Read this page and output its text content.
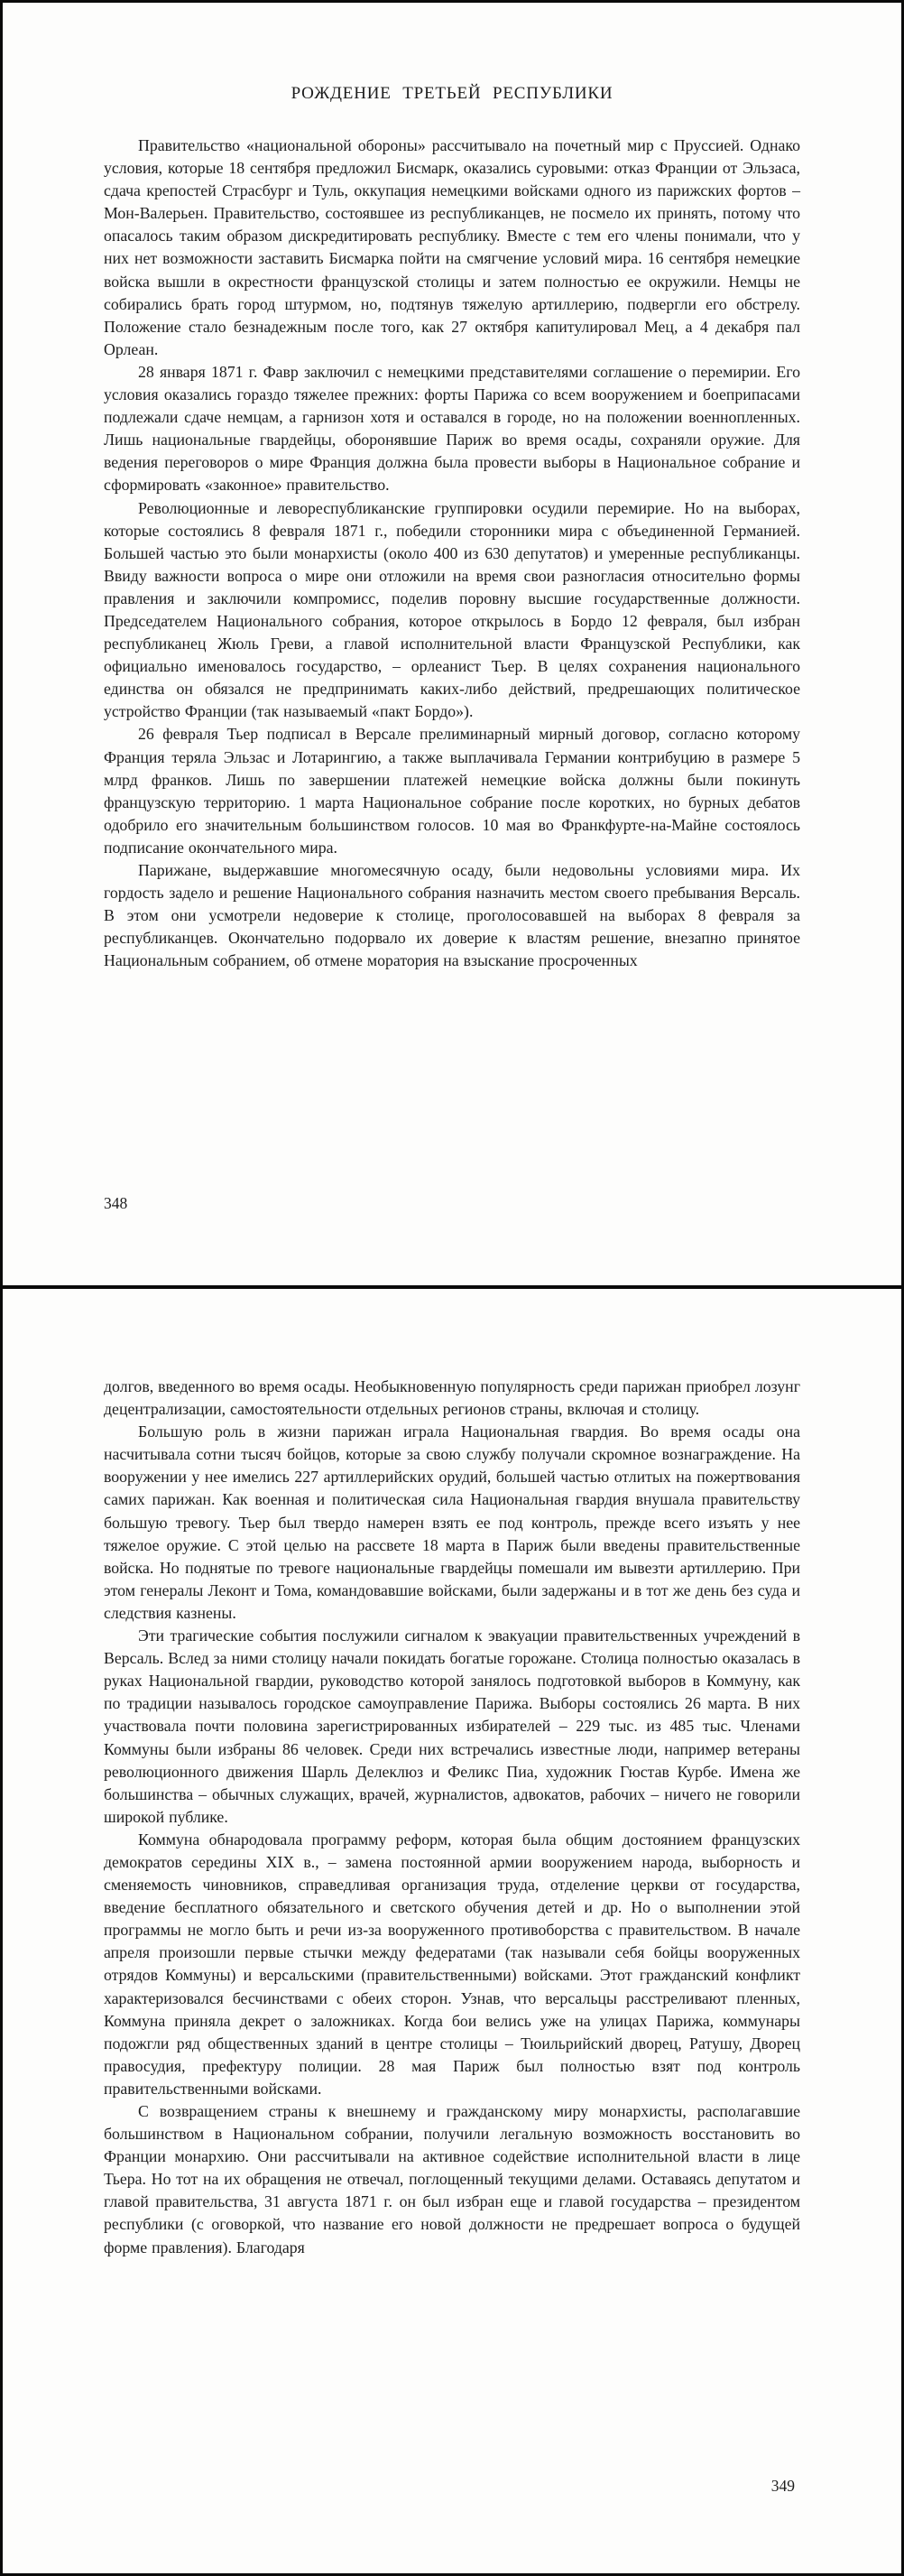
РОЖДЕНИЕ ТРЕТЬЕЙ РЕСПУБЛИКИ

Правительство «национальной обороны» рассчитывало на почетный мир с Пруссией. Однако условия, которые 18 сентября предложил Бисмарк, оказались суровыми: отказ Франции от Эльзаса, сдача крепостей Страсбург и Туль, оккупация немецкими войсками одного из парижских фортов – Мон-Валерьен. Правительство, состоявшее из республиканцев, не посмело их принять, потому что опасалось таким образом дискредитировать республику. Вместе с тем его члены понимали, что у них нет возможности заставить Бисмарка пойти на смягчение условий мира. 16 сентября немецкие войска вышли в окрестности французской столицы и затем полностью ее окружили. Немцы не собирались брать город штурмом, но, подтянув тяжелую артиллерию, подвергли его обстрелу. Положение стало безнадежным после того, как 27 октября капитулировал Мец, а 4 декабря пал Орлеан.

28 января 1871 г. Фавр заключил с немецкими представителями соглашение о перемирии. Его условия оказались гораздо тяжелее прежних: форты Парижа со всем вооружением и боеприпасами подлежали сдаче немцам, а гарнизон хотя и оставался в городе, но на положении военнопленных. Лишь национальные гвардейцы, оборонявшие Париж во время осады, сохраняли оружие. Для ведения переговоров о мире Франция должна была провести выборы в Национальное собрание и сформировать «законное» правительство.

Революционные и левореспубликанские группировки осудили перемирие. Но на выборах, которые состоялись 8 февраля 1871 г., победили сторонники мира с объединенной Германией. Большей частью это были монархисты (около 400 из 630 депутатов) и умеренные республиканцы. Ввиду важности вопроса о мире они отложили на время свои разногласия относительно формы правления и заключили компромисс, поделив поровну высшие государственные должности. Председателем Национального собрания, которое открылось в Бордо 12 февраля, был избран республиканец Жюль Греви, а главой исполнительной власти Французской Республики, как официально именовалось государство, – орлеанист Тьер. В целях сохранения национального единства он обязался не предпринимать каких-либо действий, предрешающих политическое устройство Франции (так называемый «пакт Бордо»).

26 февраля Тьер подписал в Версале прелиминарный мирный договор, согласно которому Франция теряла Эльзас и Лотарингию, а также выплачивала Германии контрибуцию в размере 5 млрд франков. Лишь по завершении платежей немецкие войска должны были покинуть французскую территорию. 1 марта Национальное собрание после коротких, но бурных дебатов одобрило его значительным большинством голосов. 10 мая во Франкфурте-на-Майне состоялось подписание окончательного мира.

Парижане, выдержавшие многомесячную осаду, были недовольны условиями мира. Их гордость задело и решение Национального собрания назначить местом своего пребывания Версаль. В этом они усмотрели недоверие к столице, проголосовавшей на выборах 8 февраля за республиканцев. Окончательно подорвало их доверие к властям решение, внезапно принятое Национальным собранием, об отмене моратория на взыскание просроченных

348

долгов, введенного во время осады. Необыкновенную популярность среди парижан приобрел лозунг децентрализации, самостоятельности отдельных регионов страны, включая и столицу.

Большую роль в жизни парижан играла Национальная гвардия. Во время осады она насчитывала сотни тысяч бойцов, которые за свою службу получали скромное вознаграждение. На вооружении у нее имелись 227 артиллерийских орудий, большей частью отлитых на пожертвования самих парижан. Как военная и политическая сила Национальная гвардия внушала правительству большую тревогу. Тьер был твердо намерен взять ее под контроль, прежде всего изъять у нее тяжелое оружие. С этой целью на рассвете 18 марта в Париж были введены правительственные войска. Но поднятые по тревоге национальные гвардейцы помешали им вывезти артиллерию. При этом генералы Леконт и Тома, командовавшие войсками, были задержаны и в тот же день без суда и следствия казнены.

Эти трагические события послужили сигналом к эвакуации правительственных учреждений в Версаль. Вслед за ними столицу начали покидать богатые горожане. Столица полностью оказалась в руках Национальной гвардии, руководство которой занялось подготовкой выборов в Коммуну, как по традиции называлось городское самоуправление Парижа. Выборы состоялись 26 марта. В них участвовала почти половина зарегистрированных избирателей – 229 тыс. из 485 тыс. Членами Коммуны были избраны 86 человек. Среди них встречались известные люди, например ветераны революционного движения Шарль Делеклюз и Феликс Пиа, художник Гюстав Курбе. Имена же большинства – обычных служащих, врачей, журналистов, адвокатов, рабочих – ничего не говорили широкой публике.

Коммуна обнародовала программу реформ, которая была общим достоянием французских демократов середины XIX в., – замена постоянной армии вооружением народа, выборность и сменяемость чиновников, справедливая организация труда, отделение церкви от государства, введение бесплатного обязательного и светского обучения детей и др. Но о выполнении этой программы не могло быть и речи из-за вооруженного противоборства с правительством. В начале апреля произошли первые стычки между федератами (так называли себя бойцы вооруженных отрядов Коммуны) и версальскими (правительственными) войсками. Этот гражданский конфликт характеризовался бесчинствами с обеих сторон. Узнав, что версальцы расстреливают пленных, Коммуна приняла декрет о заложниках. Когда бои велись уже на улицах Парижа, коммунары подожгли ряд общественных зданий в центре столицы – Тюильрийский дворец, Ратушу, Дворец правосудия, префектуру полиции. 28 мая Париж был полностью взят под контроль правительственными войсками.

С возвращением страны к внешнему и гражданскому миру монархисты, располагавшие большинством в Национальном собрании, получили легальную возможность восстановить во Франции монархию. Они рассчитывали на активное содействие исполнительной власти в лице Тьера. Но тот на их обращения не отвечал, поглощенный текущими делами. Оставаясь депутатом и главой правительства, 31 августа 1871 г. он был избран еще и главой государства – президентом республики (с оговоркой, что название его новой должности не предрешает вопроса о будущей форме правления). Благодаря

349
